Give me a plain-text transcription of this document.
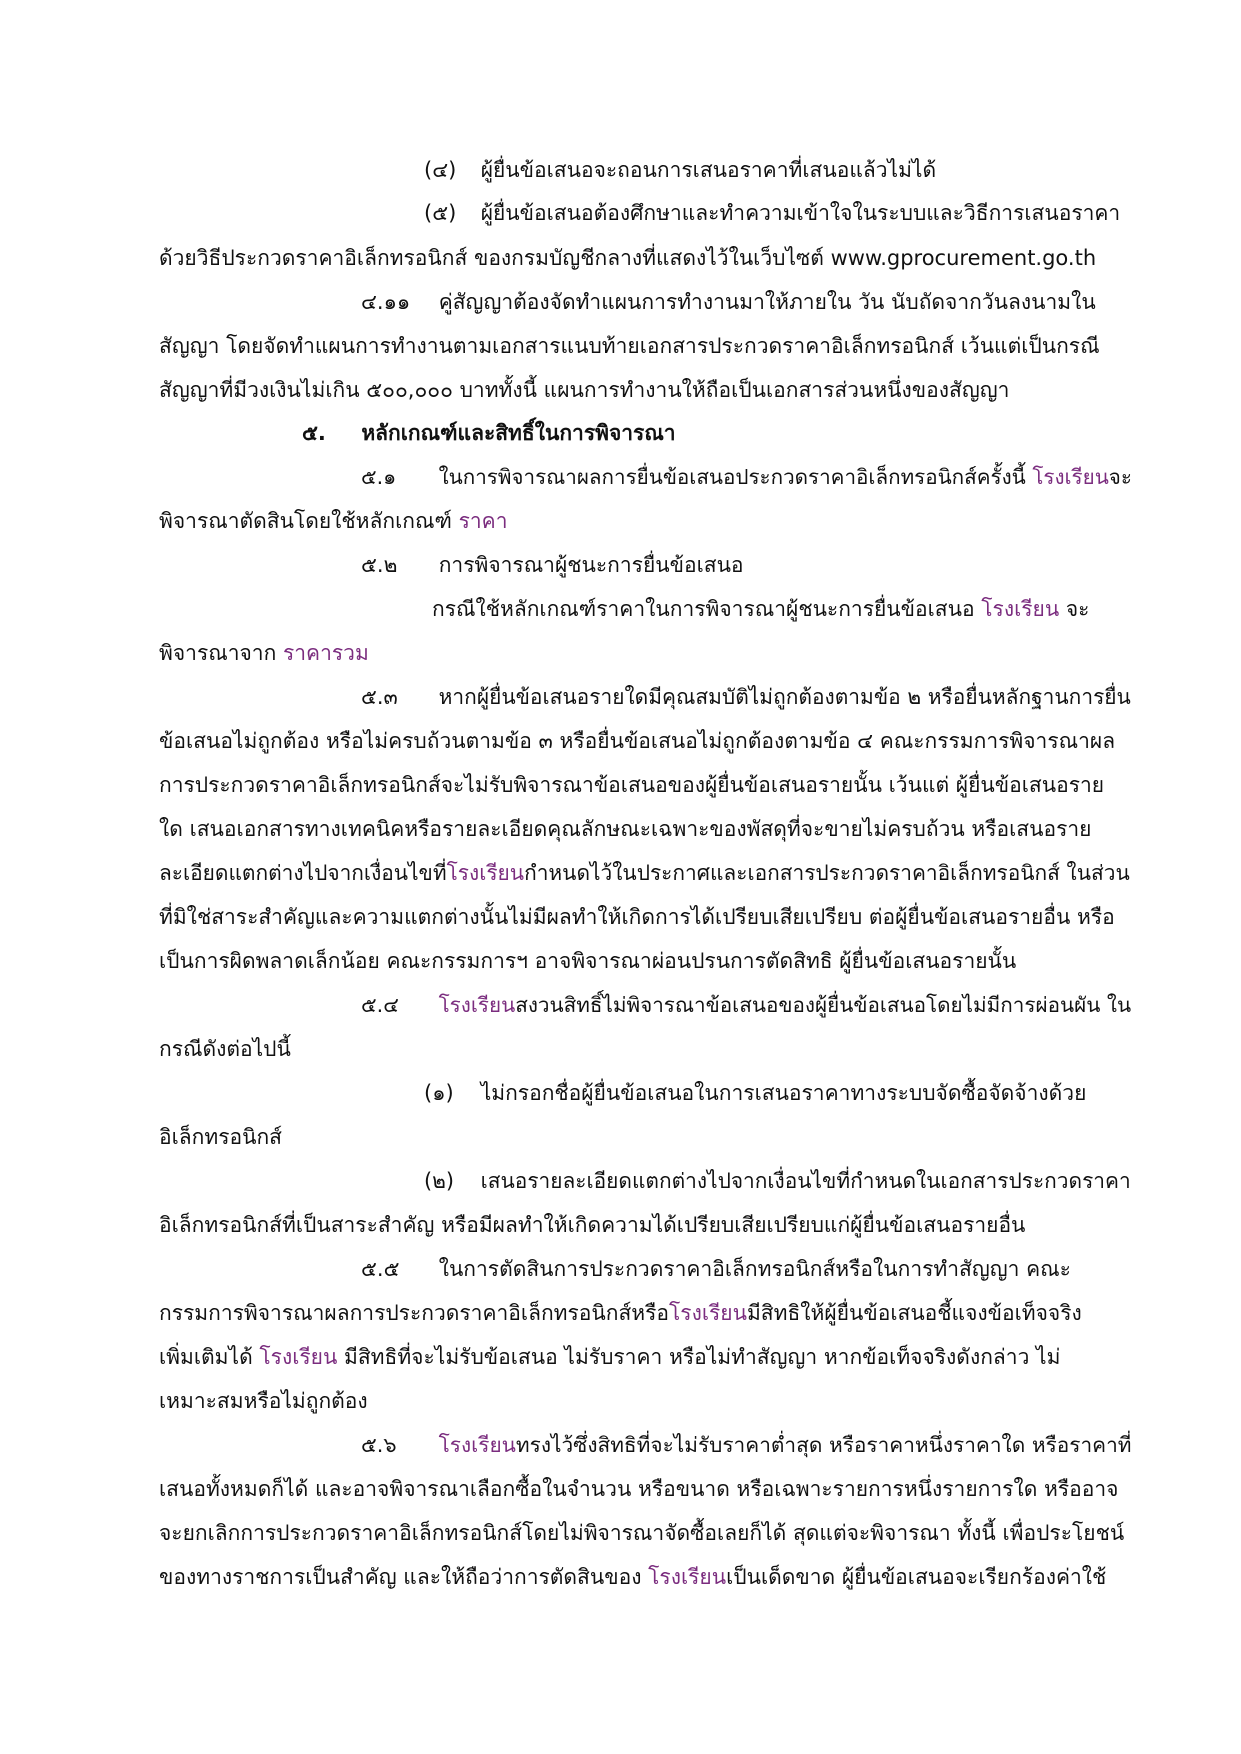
(๔) ผู้ยื่นข้อเสนอจะถอนการเสนอราคาที่เสนอแล้วไม่ได้
(๕) ผู้ยื่นข้อเสนอต้องศึกษาและทำความเข้าใจในระบบและวิธีการเสนอราคา
ด้วยวิธีประกวดราคาอิเล็กทรอนิกส์ ของกรมบัญชีกลางที่แสดงไว้ในเว็บไซต์ www.gprocurement.go.th
๔.๑๑ คู่สัญญาต้องจัดทำแผนการทำงานมาให้ภายใน วัน นับถัดจากวันลงนามใน
สัญญา โดยจัดทำแผนการทำงานตามเอกสารแนบท้ายเอกสารประกวดราคาอิเล็กทรอนิกส์ เว้นแต่เป็นกรณี
สัญญาที่มีวงเงินไม่เกิน ๕๐๐,๐๐๐ บาททั้งนี้ แผนการทำงานให้ถือเป็นเอกสารส่วนหนึ่งของสัญญา
๕. หลักเกณฑ์และสิทธิ์ในการพิจารณา
๕.๑ ในการพิจารณาผลการยื่นข้อเสนอประกวดราคาอิเล็กทรอนิกส์ครั้งนี้ โรงเรียนจะ
พิจารณาตัดสินโดยใช้หลักเกณฑ์ ราคา
๕.๒ การพิจารณาผู้ชนะการยื่นข้อเสนอ
กรณีใช้หลักเกณฑ์ราคาในการพิจารณาผู้ชนะการยื่นข้อเสนอ โรงเรียน จะ
พิจารณาจาก ราคารวม
๕.๓ หากผู้ยื่นข้อเสนอรายใดมีคุณสมบัติไม่ถูกต้องตามข้อ ๒ หรือยื่นหลักฐานการยื่น
ข้อเสนอไม่ถูกต้อง หรือไม่ครบถ้วนตามข้อ ๓ หรือยื่นข้อเสนอไม่ถูกต้องตามข้อ ๔ คณะกรรมการพิจารณาผล
การประกวดราคาอิเล็กทรอนิกส์จะไม่รับพิจารณาข้อเสนอของผู้ยื่นข้อเสนอรายนั้น เว้นแต่ ผู้ยื่นข้อเสนอราย
ใด เสนอเอกสารทางเทคนิคหรือรายละเอียดคุณลักษณะเฉพาะของพัสดุที่จะขายไม่ครบถ้วน หรือเสนอราย
ละเอียดแตกต่างไปจากเงื่อนไขที่โรงเรียนกำหนดไว้ในประกาศและเอกสารประกวดราคาอิเล็กทรอนิกส์ ในส่วน
ที่มิใช่สาระสำคัญและความแตกต่างนั้นไม่มีผลทำให้เกิดการได้เปรียบเสียเปรียบ ต่อผู้ยื่นข้อเสนอรายอื่น หรือ
เป็นการผิดพลาดเล็กน้อย คณะกรรมการฯ อาจพิจารณาผ่อนปรนการตัดสิทธิ ผู้ยื่นข้อเสนอรายนั้น
๕.๔ โรงเรียนสงวนสิทธิ์ไม่พิจารณาข้อเสนอของผู้ยื่นข้อเสนอโดยไม่มีการผ่อนผัน ใน
กรณีดังต่อไปนี้
(๑) ไม่กรอกชื่อผู้ยื่นข้อเสนอในการเสนอราคาทางระบบจัดซื้อจัดจ้างด้วย
อิเล็กทรอนิกส์
(๒) เสนอรายละเอียดแตกต่างไปจากเงื่อนไขที่กำหนดในเอกสารประกวดราคา
อิเล็กทรอนิกส์ที่เป็นสาระสำคัญ หรือมีผลทำให้เกิดความได้เปรียบเสียเปรียบแก่ผู้ยื่นข้อเสนอรายอื่น
๕.๕ ในการตัดสินการประกวดราคาอิเล็กทรอนิกส์หรือในการทำสัญญา คณะ
กรรมการพิจารณาผลการประกวดราคาอิเล็กทรอนิกส์หรือโรงเรียนมีสิทธิให้ผู้ยื่นข้อเสนอชี้แจงข้อเท็จจริง
เพิ่มเติมได้ โรงเรียน มีสิทธิที่จะไม่รับข้อเสนอ ไม่รับราคา หรือไม่ทำสัญญา หากข้อเท็จจริงดังกล่าว ไม่
เหมาะสมหรือไม่ถูกต้อง
๕.๖ โรงเรียนทรงไว้ซึ่งสิทธิที่จะไม่รับราคาต่ำสุด หรือราคาหนึ่งราคาใด หรือราคาที่
เสนอทั้งหมดก็ได้ และอาจพิจารณาเลือกซื้อในจำนวน หรือขนาด หรือเฉพาะรายการหนึ่งรายการใด หรืออาจ
จะยกเลิกการประกวดราคาอิเล็กทรอนิกส์โดยไม่พิจารณาจัดซื้อเลยก็ได้ สุดแต่จะพิจารณา ทั้งนี้ เพื่อประโยชน์
ของทางราชการเป็นสำคัญ และให้ถือว่าการตัดสินของ โรงเรียนเป็นเด็ดขาด ผู้ยื่นข้อเสนอจะเรียกร้องค่าใช้
